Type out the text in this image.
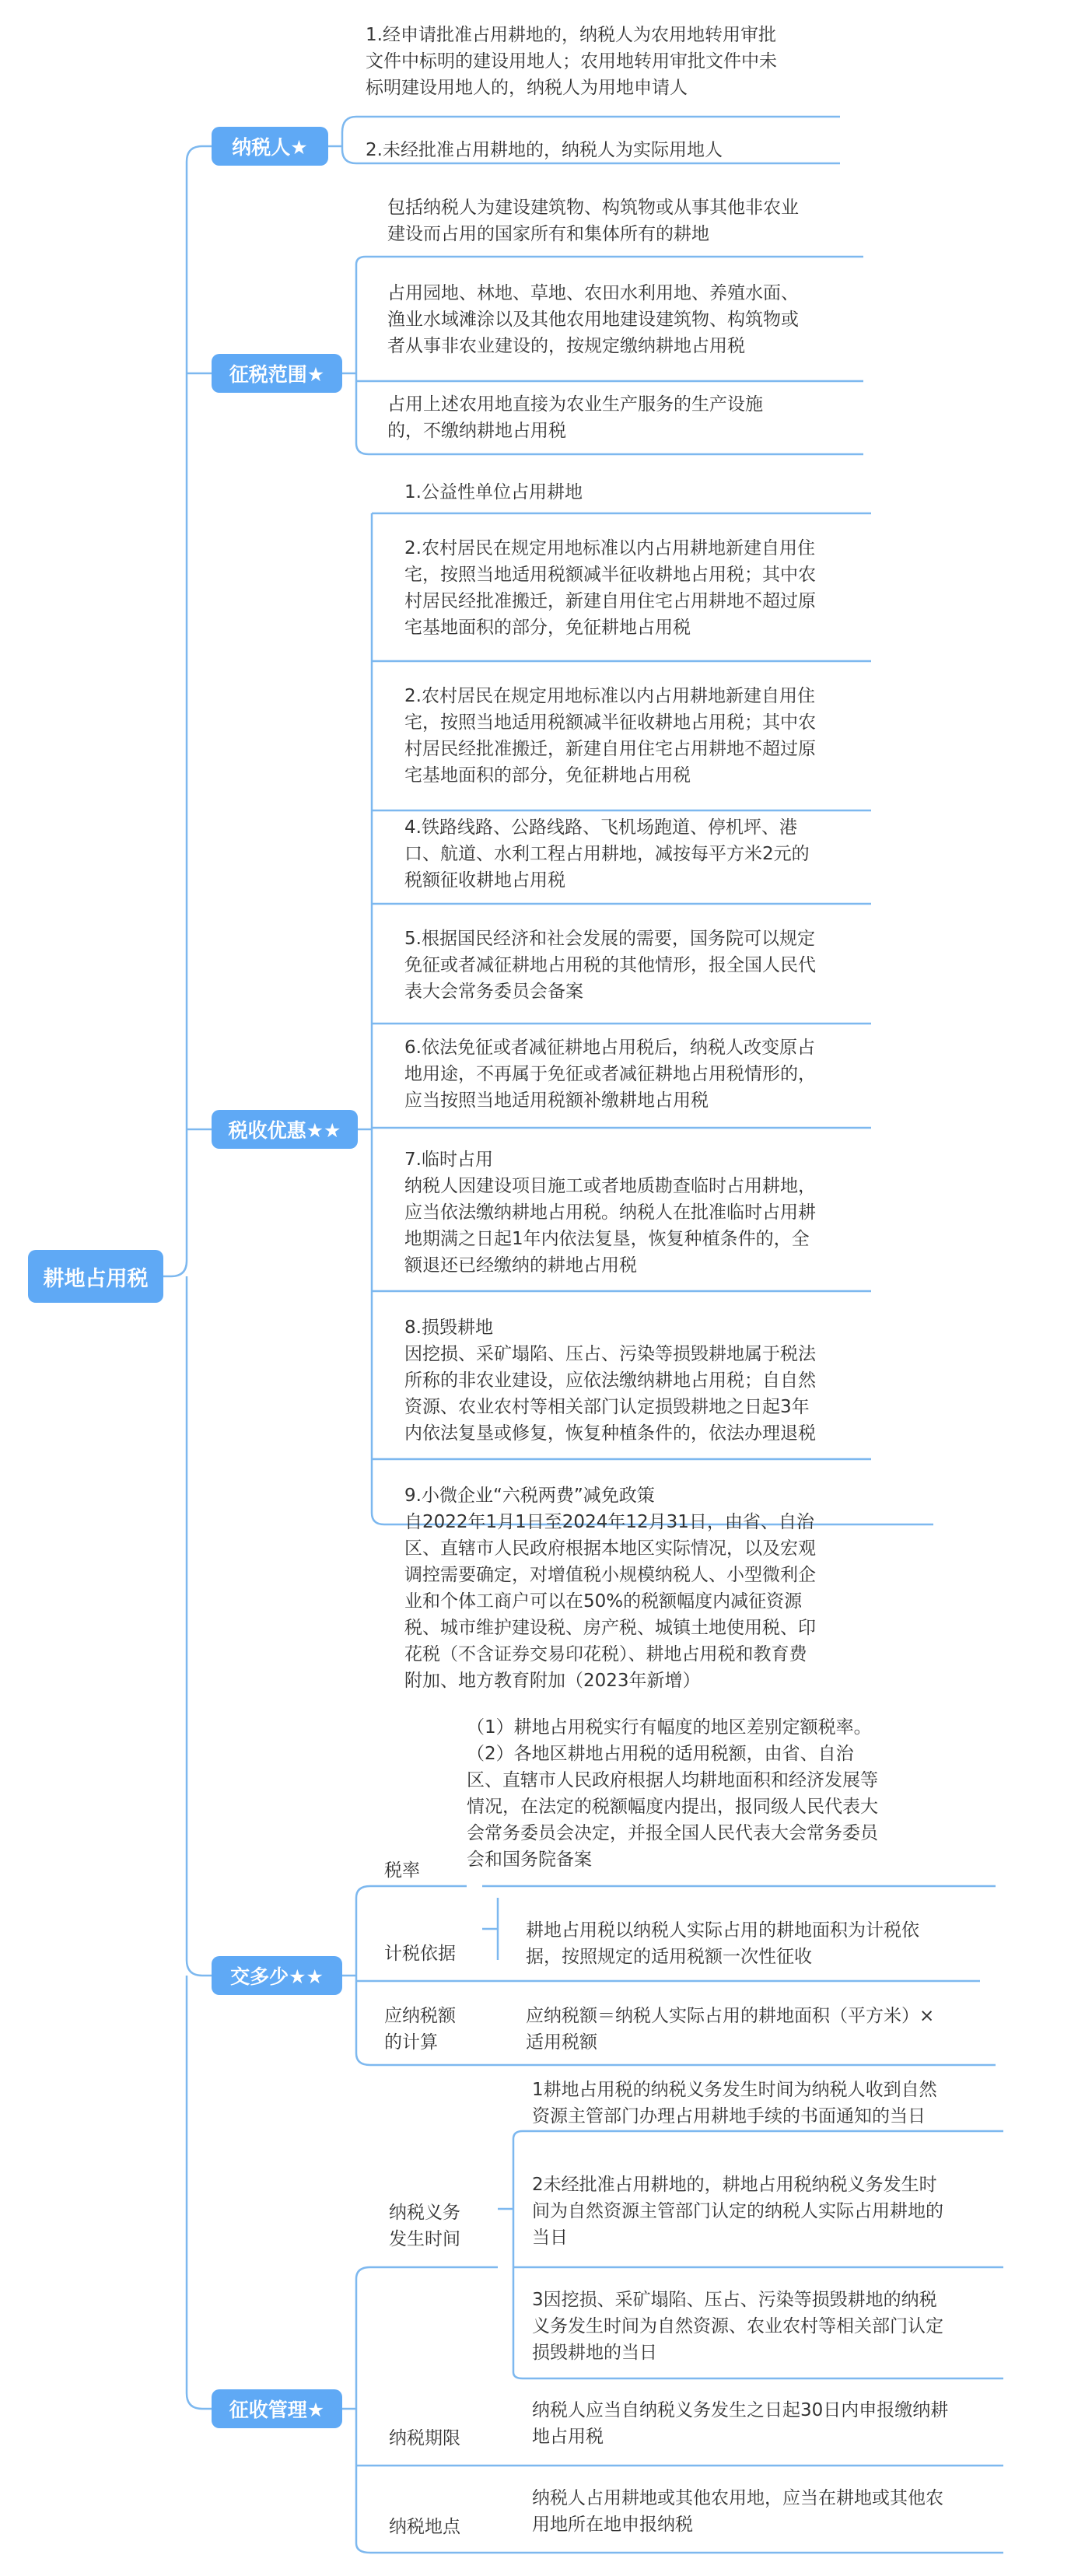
耕地占用税
纳税人★
1.经申请批准占用耕地的，纳税人为农用地转用审批
文件中标明的建设用地人；农用地转用审批文件中未
标明建设用地人的，纳税人为用地申请人
2.未经批准占用耕地的，纳税人为实际用地人
征税范围★
包括纳税人为建设建筑物、构筑物或从事其他非农业
建设而占用的国家所有和集体所有的耕地
占用园地、林地、草地、农田水利用地、养殖水面、
渔业水域滩涂以及其他农用地建设建筑物、构筑物或
者从事非农业建设的，按规定缴纳耕地占用税
占用上述农用地直接为农业生产服务的生产设施
的，不缴纳耕地占用税
税收优惠★★
1.公益性单位占用耕地
2.农村居民在规定用地标准以内占用耕地新建自用住
宅，按照当地适用税额减半征收耕地占用税；其中农
村居民经批准搬迁，新建自用住宅占用耕地不超过原
宅基地面积的部分，免征耕地占用税
2.农村居民在规定用地标准以内占用耕地新建自用住
宅，按照当地适用税额减半征收耕地占用税；其中农
村居民经批准搬迁，新建自用住宅占用耕地不超过原
宅基地面积的部分，免征耕地占用税
4.铁路线路、公路线路、飞机场跑道、停机坪、港
口、航道、水利工程占用耕地，减按每平方米2元的
税额征收耕地占用税
5.根据国民经济和社会发展的需要，国务院可以规定
免征或者减征耕地占用税的其他情形，报全国人民代
表大会常务委员会备案
6.依法免征或者减征耕地占用税后，纳税人改变原占
地用途，不再属于免征或者减征耕地占用税情形的，
应当按照当地适用税额补缴耕地占用税
7.临时占用
纳税人因建设项目施工或者地质勘查临时占用耕地，
应当依法缴纳耕地占用税。纳税人在批准临时占用耕
地期满之日起1年内依法复垦，恢复种植条件的，全
额退还已经缴纳的耕地占用税
8.损毁耕地
因挖损、采矿塌陷、压占、污染等损毁耕地属于税法
所称的非农业建设，应依法缴纳耕地占用税；自自然
资源、农业农村等相关部门认定损毁耕地之日起3年
内依法复垦或修复，恢复种植条件的，依法办理退税
9.小微企业“六税两费”减免政策
自2022年1月1日至2024年12月31日，由省、自治
区、直辖市人民政府根据本地区实际情况，以及宏观
调控需要确定，对增值税小规模纳税人、小型微利企
业和个体工商户可以在50%的税额幅度内减征资源
税、城市维护建设税、房产税、城镇土地使用税、印
花税（不含证券交易印花税）、耕地占用税和教育费
附加、地方教育附加（2023年新增）
交多少★★
税率
（1）耕地占用税实行有幅度的地区差别定额税率。
（2）各地区耕地占用税的适用税额，由省、自治
区、直辖市人民政府根据人均耕地面积和经济发展等
情况，在法定的税额幅度内提出，报同级人民代表大
会常务委员会决定，并报全国人民代表大会常务委员
会和国务院备案
计税依据
耕地占用税以纳税人实际占用的耕地面积为计税依
据，按照规定的适用税额一次性征收
应纳税额
的计算
应纳税额＝纳税人实际占用的耕地面积（平方米）×
适用税额
征收管理★
纳税义务
发生时间
1耕地占用税的纳税义务发生时间为纳税人收到自然
资源主管部门办理占用耕地手续的书面通知的当日
2未经批准占用耕地的，耕地占用税纳税义务发生时
间为自然资源主管部门认定的纳税人实际占用耕地的
当日
3因挖损、采矿塌陷、压占、污染等损毁耕地的纳税
义务发生时间为自然资源、农业农村等相关部门认定
损毁耕地的当日
纳税期限
纳税人应当自纳税义务发生之日起30日内申报缴纳耕
地占用税
纳税地点
纳税人占用耕地或其他农用地，应当在耕地或其他农
用地所在地申报纳税
